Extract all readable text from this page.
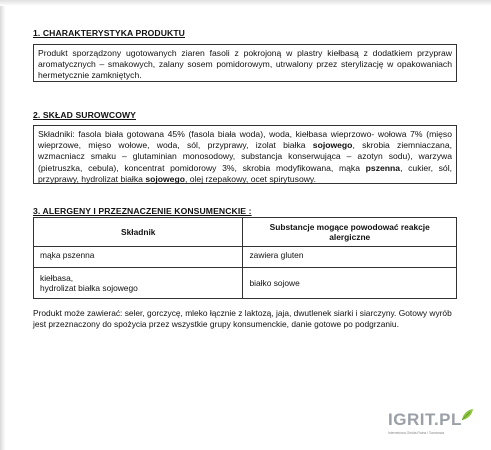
1. CHARAKTERYSTYKA PRODUKTU
Produkt sporządzony ugotowanych ziaren fasoli z pokrojoną w plastry kiełbasą z dodatkiem przypraw aromatycznych – smakowych, zalany sosem pomidorowym, utrwalony przez sterylizację w opakowaniach hermetycznie zamkniętych.
2. SKŁAD SUROWCOWY
Składniki: fasola biała gotowana 45% (fasola biała woda), woda, kiełbasa wieprzowo- wołowa 7% (mięso wieprzowe, mięso wołowe, woda, sól, przyprawy, izolat białka sojowego, skrobia ziemniaczana, wzmacniacz smaku – glutaminian monosodowy, substancja konserwująca – azotyn sodu), warzywa (pietruszka, cebula), koncentrat pomidorowy 3%, skrobia modyfikowana, mąka pszenna, cukier, sól, przyprawy, hydrolizat białka sojowego, olej rzepakowy, ocet spirytusowy.
3. ALERGENY I PRZEZNACZENIE KONSUMENCKIE :
Składnik	Substancje mogące powodować reakcje alergiczne
mąka pszenna	zawiera gluten

kiełbasa,
hydrolizat białka sojowego	białko sojowe
Produkt może zawierać: seler, gorczycę, mleko łącznie z laktozą, jaja, dwutlenek siarki i siarczyny. Gotowy wyrób jest przeznaczony do spożycia przez wszystkie grupy konsumenckie, danie gotowe po podgrzaniu.
IGRIT.PL
Internetowa Giełda Rolna i Towarowa
